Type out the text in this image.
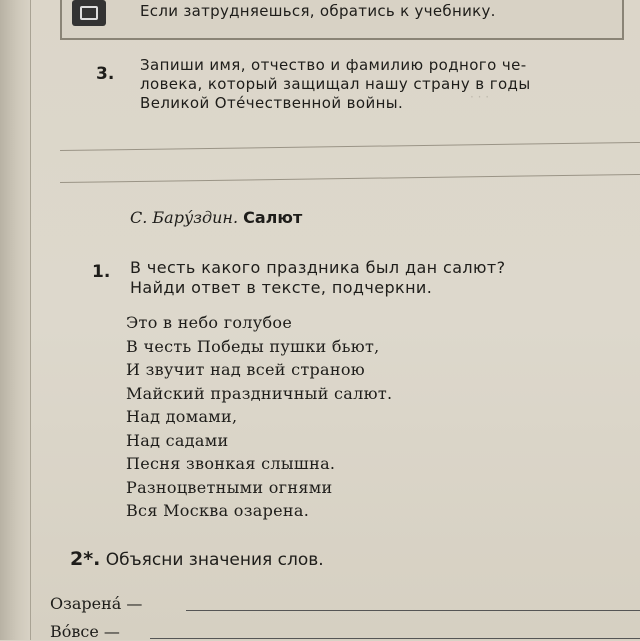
· · ·
Если затрудняешься, обратись к учебнику.
3. Запиши имя, отчество и фамилию родного че-
ловека, который защищал нашу страну в годы
Великой Оте́чественной войны.
С. Бару́здин. Салют
1. В честь какого праздника был дан салют?
Найди ответ в тексте, подчеркни.
Это в небо голубое
В честь Победы пушки бьют,
И звучит над всей страною
Майский праздничный салют.
Над домами,
Над садами
Песня звонкая слышна.
Разноцветными огнями
Вся Москва озарена.
2*. Объясни значения слов.
Озарена́ —
Во́все —
